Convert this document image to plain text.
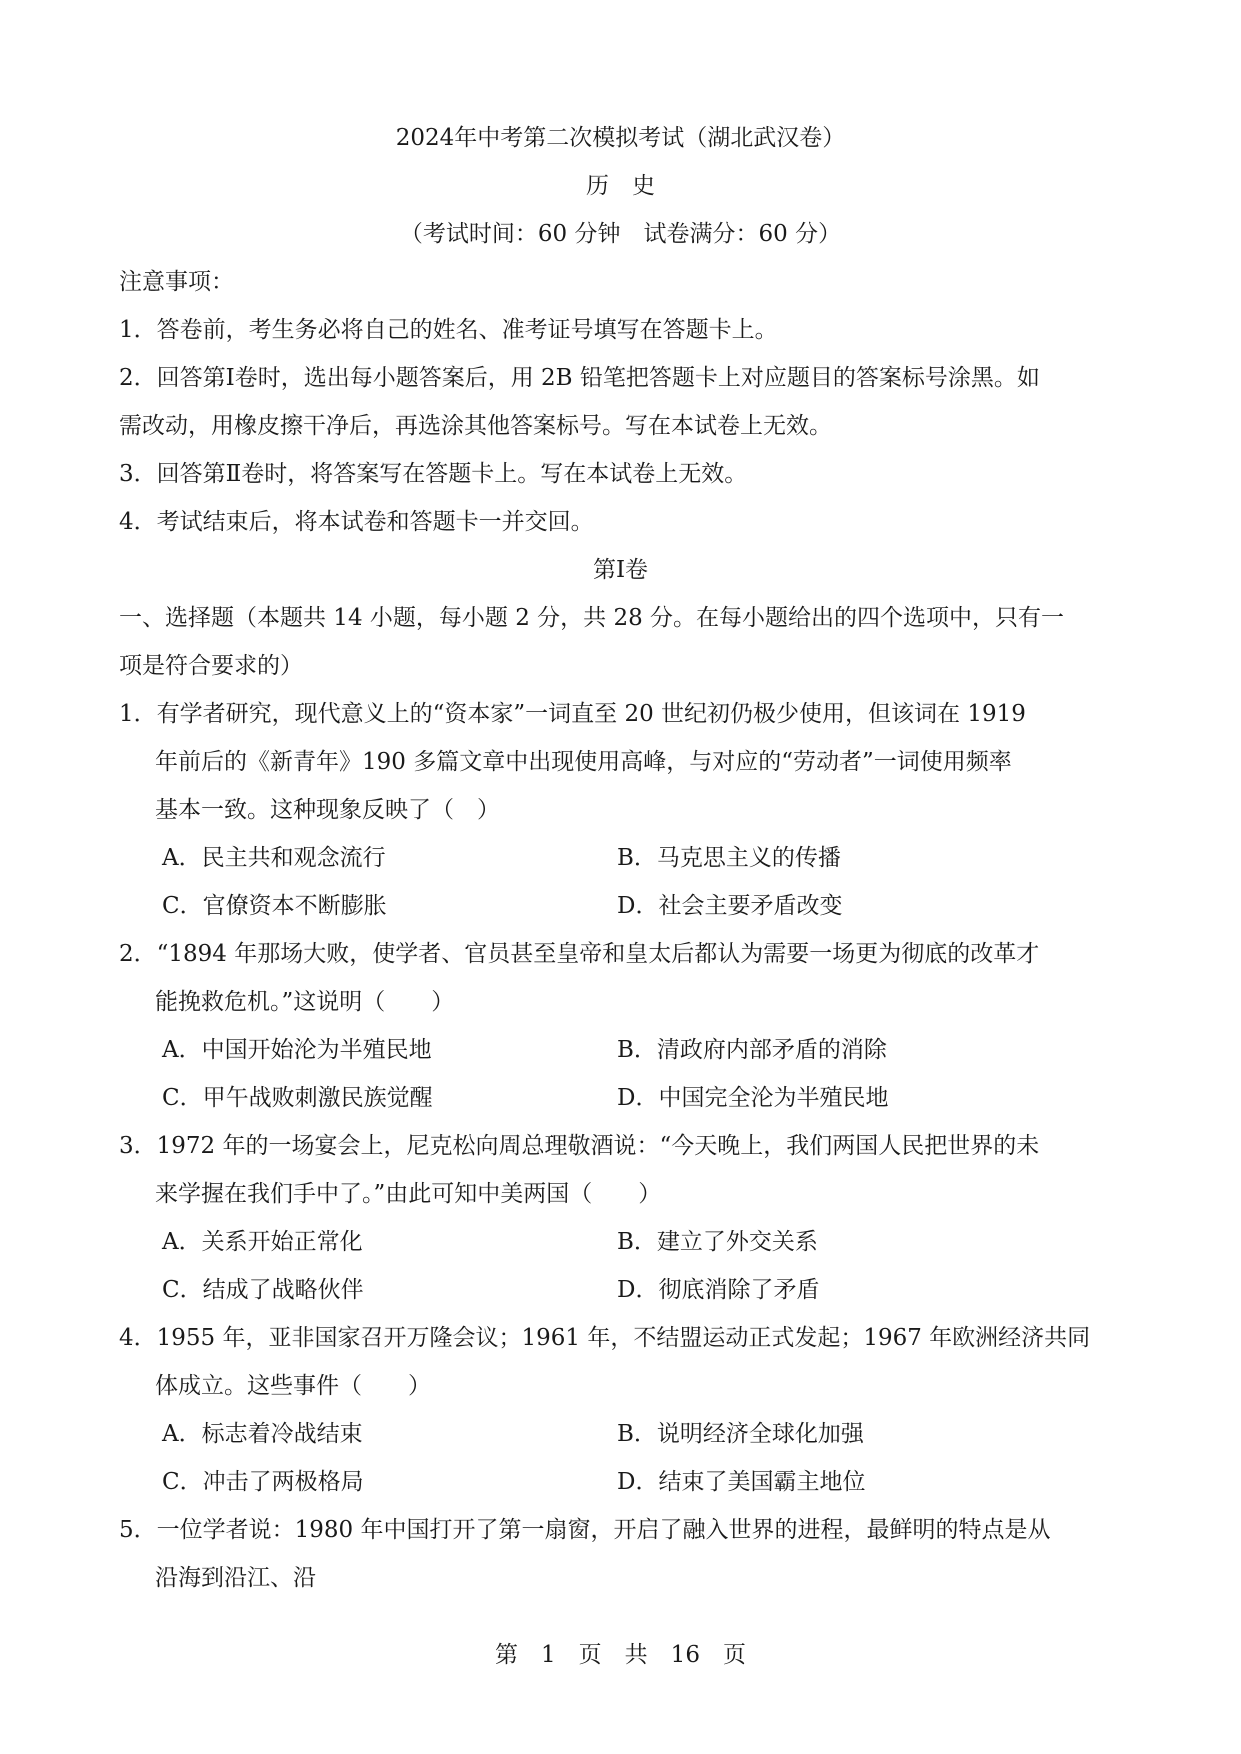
2024年中考第二次模拟考试（湖北武汉卷）
历　史
（考试时间：60 分钟　试卷满分：60 分）
注意事项：
1．答卷前，考生务必将自己的姓名、准考证号填写在答题卡上。
2．回答第Ⅰ卷时，选出每小题答案后，用 2B 铅笔把答题卡上对应题目的答案标号涂黑。如
需改动，用橡皮擦干净后，再选涂其他答案标号。写在本试卷上无效。
3．回答第Ⅱ卷时，将答案写在答题卡上。写在本试卷上无效。
4．考试结束后，将本试卷和答题卡一并交回。
第Ⅰ卷
一、选择题（本题共 14 小题，每小题 2 分，共 28 分。在每小题给出的四个选项中，只有一
项是符合要求的）
1．有学者研究，现代意义上的“资本家”一词直至 20 世纪初仍极少使用，但该词在 1919
年前后的《新青年》190 多篇文章中出现使用高峰，与对应的“劳动者”一词使用频率
基本一致。这种现象反映了（　）
A．民主共和观念流行	B．马克思主义的传播
C．官僚资本不断膨胀	D．社会主要矛盾改变
2．“1894 年那场大败，使学者、官员甚至皇帝和皇太后都认为需要一场更为彻底的改革才
能挽救危机。”这说明（　　）
A．中国开始沦为半殖民地	B．清政府内部矛盾的消除
C．甲午战败刺激民族觉醒	D．中国完全沦为半殖民地
3．1972 年的一场宴会上，尼克松向周总理敬酒说：“今天晚上，我们两国人民把世界的未
来学握在我们手中了。”由此可知中美两国（　　）
A．关系开始正常化	B．建立了外交关系
C．结成了战略伙伴	D．彻底消除了矛盾
4．1955 年，亚非国家召开万隆会议；1961 年，不结盟运动正式发起；1967 年欧洲经济共同
体成立。这些事件（　　）
A．标志着冷战结束	B．说明经济全球化加强
C．冲击了两极格局	D．结束了美国霸主地位
5．一位学者说：1980 年中国打开了第一扇窗，开启了融入世界的进程，最鲜明的特点是从
沿海到沿江、沿
第　1　页　共　16　页
